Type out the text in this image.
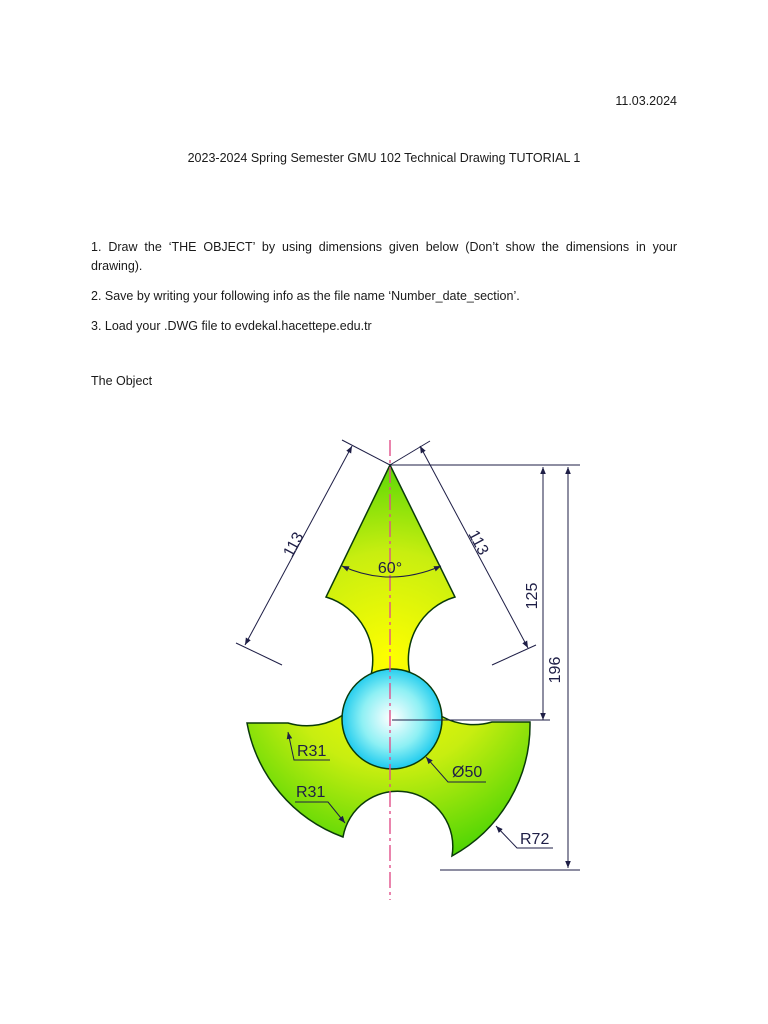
11.03.2024
2023-2024 Spring Semester GMU 102 Technical Drawing TUTORIAL 1
1. Draw the ‘THE OBJECT’ by using dimensions given below (Don’t show the dimensions in your drawing).
2. Save by writing your following info as the file name ‘Number_date_section’.
3. Load your .DWG file to evdekal.hacettepe.edu.tr
The Object
113	113
60°
125
196
R31
R31
Ø50
R72
